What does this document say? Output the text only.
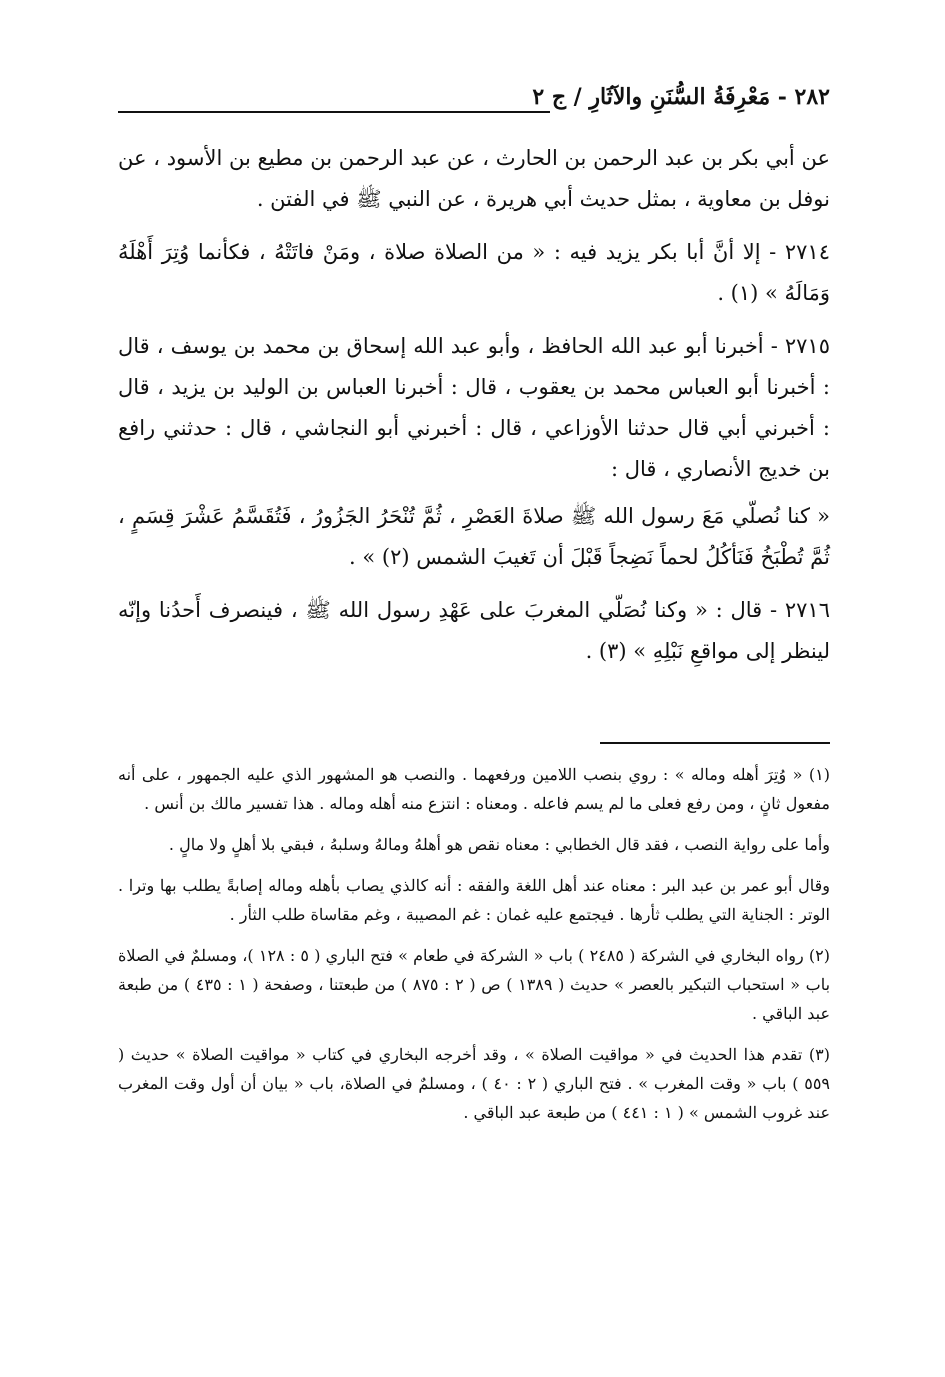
٢٨٢ - مَعْرِفَةُ السُّنَنِ والآثَارِ / ج ٢

عن أبي بكر بن عبد الرحمن بن الحارث ، عن عبد الرحمن بن مطيع بن الأسود ، عن نوفل بن معاوية ، بمثل حديث أبي هريرة ، عن النبي ﷺ في الفتن .

٢٧١٤ - إلا أنَّ أبا بكر يزيد فيه : « من الصلاة صلاة ، ومَنْ فاتَتْهُ ، فكأنما وُتِرَ أَهْلَهُ وَمَالَهُ » (١) .

٢٧١٥ - أخبرنا أبو عبد الله الحافظ ، وأبو عبد الله إسحاق بن محمد بن يوسف ، قال : أخبرنا أبو العباس محمد بن يعقوب ، قال : أخبرنا العباس بن الوليد بن يزيد ، قال : أخبرني أبي قال حدثنا الأوزاعي ، قال : أخبرني أبو النجاشي ، قال : حدثني رافع بن خديج الأنصاري ، قال :

« كنا نُصلّي مَعَ رسول الله ﷺ صلاةَ العَصْرِ ، ثُمَّ تُنْحَرُ الجَزُورُ ، فَتُقَسَّمُ عَشْرَ قِسَمٍ ، ثُمَّ تُطْبَخُ فَنَأكُلُ لحماً نَضِجاً قَبْلَ أن تَغيبَ الشمس (٢) » .

٢٧١٦ - قال : « وكنا نُصَلّي المغربَ على عَهْدِ رسول الله ﷺ ، فينصرف أَحدُنا وإنّه لينظر إلى مواقعِ نَبْلِهِ » (٣) .

(١) « وُتِرَ أهله وماله » : روي بنصب اللامين ورفعهما . والنصب هو المشهور الذي عليه الجمهور ، على أنه مفعول ثانٍ ، ومن رفع فعلى ما لم يسم فاعله . ومعناه : انتزع منه أهله وماله . هذا تفسير مالك بن أنس .

وأما على رواية النصب ، فقد قال الخطابي : معناه نقص هو أهلهُ ومالهُ وسلبهُ ، فبقي بلا أهلٍ ولا مالٍ .

وقال أبو عمر بن عبد البر : معناه عند أهل اللغة والفقه : أنه كالذي يصاب بأهله وماله إصابةً يطلب بها وترا . الوتر : الجناية التي يطلب ثأرها . فيجتمع عليه غمان : غم المصيبة ، وغم مقاساة طلب الثأر .

(٢) رواه البخاري في الشركة ( ٢٤٨٥ ) باب « الشركة في طعام » فتح الباري ( ٥ : ١٢٨ )، ومسلمٌ في الصلاة باب « استحباب التبكير بالعصر » حديث ( ١٣٨٩ ) ص ( ٢ : ٨٧٥ ) من طبعتنا ، وصفحة ( ١ : ٤٣٥ ) من طبعة عبد الباقي .

(٣) تقدم هذا الحديث في « مواقيت الصلاة » ، وقد أخرجه البخاري في كتاب « مواقيت الصلاة » حديث ( ٥٥٩ ) باب « وقت المغرب » . فتح الباري ( ٢ : ٤٠ ) ، ومسلمٌ في الصلاة، باب « بيان أن أول وقت المغرب عند غروب الشمس » ( ١ : ٤٤١ ) من طبعة عبد الباقي .
